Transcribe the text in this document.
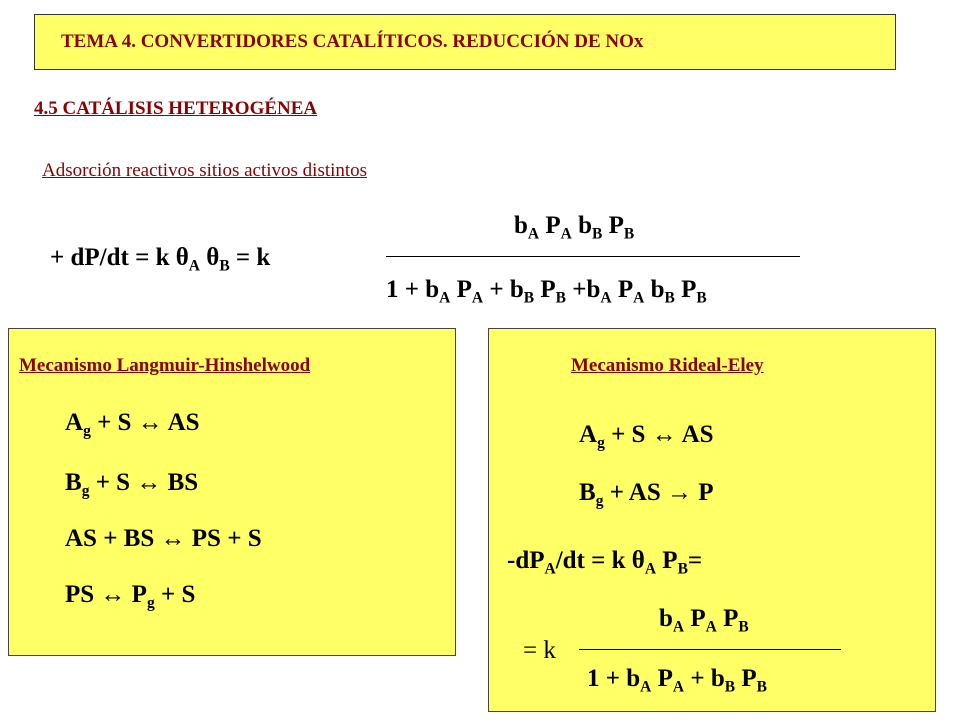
TEMA 4. CONVERTIDORES CATALÍTICOS. REDUCCIÓN DE NOx
4.5 CATÁLISIS HETEROGÉNEA
Adsorción reactivos sitios activos distintos
+ dP/dt = k $\theta_A$ $\theta_B = k$
$b_A$ $P_A$ $b_B$ $P_B$
$1 + b_A$ $P_A + b_B$ $P_B +b_A$ $P_A$ $b_B$ $P_B$
Mecanismo Langmuir-Hinshelwood
$A_g + S$ ↔ AS
$B_g + S$ ↔ BS
AS + BS ↔ PS + S
PS ↔ $P_g + S$
Mecanismo Rideal-Eley
$A_g + S$ ↔ AS
$B_g$ + AS → P
$-dP_A/dt = k$ $\theta_A$ $P_B=$
= k
$b_A$ $P_A$ $P_B$
$1 + b_A$ $P_A + b_B$ $P_B$
